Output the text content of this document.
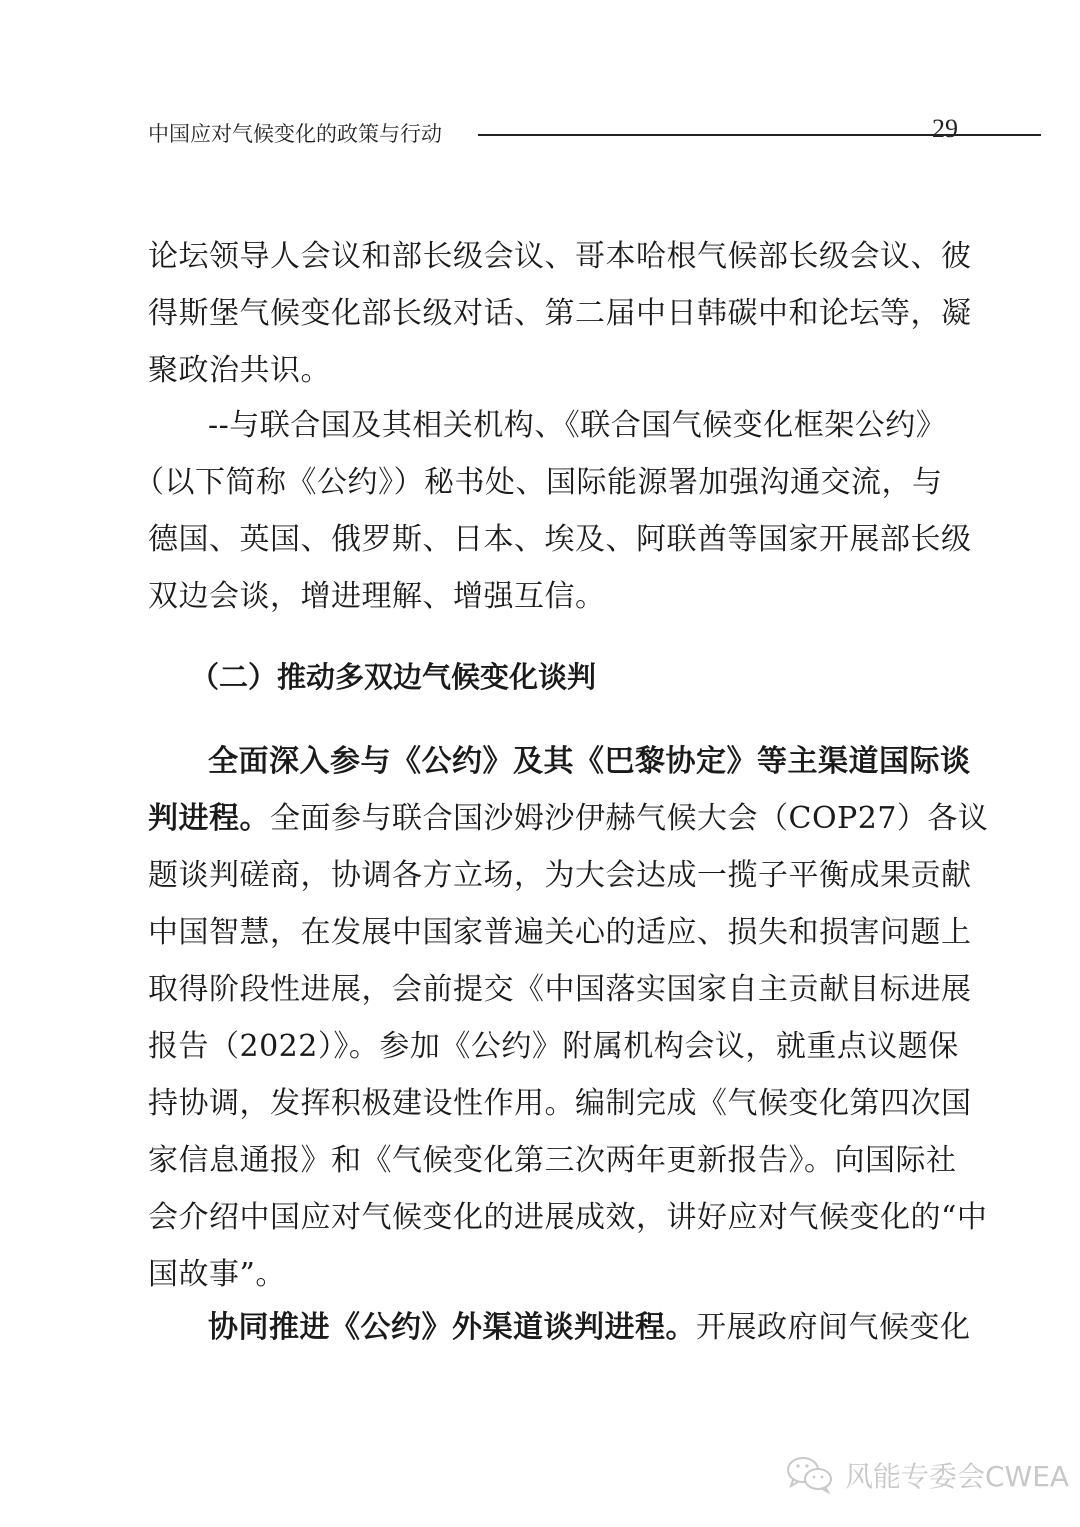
中国应对气候变化的政策与行动	29
论坛领导人会议和部长级会议、哥本哈根气候部长级会议、彼
得斯堡气候变化部长级对话、第二届中日韩碳中和论坛等，凝
聚政治共识。
--与联合国及其相关机构、《联合国气候变化框架公约》
（以下简称《公约》）秘书处、国际能源署加强沟通交流，与
德国、英国、俄罗斯、日本、埃及、阿联酋等国家开展部长级
双边会谈，增进理解、增强互信。
（二）推动多双边气候变化谈判
全面深入参与《公约》及其《巴黎协定》等主渠道国际谈
判进程。全面参与联合国沙姆沙伊赫气候大会（COP27）各议
题谈判磋商，协调各方立场，为大会达成一揽子平衡成果贡献
中国智慧，在发展中国家普遍关心的适应、损失和损害问题上
取得阶段性进展，会前提交《中国落实国家自主贡献目标进展
报告（2022）》。参加《公约》附属机构会议，就重点议题保
持协调，发挥积极建设性作用。编制完成《气候变化第四次国
家信息通报》和《气候变化第三次两年更新报告》。向国际社
会介绍中国应对气候变化的进展成效，讲好应对气候变化的“中
国故事”。
协同推进《公约》外渠道谈判进程。开展政府间气候变化
风能专委会CWEA
